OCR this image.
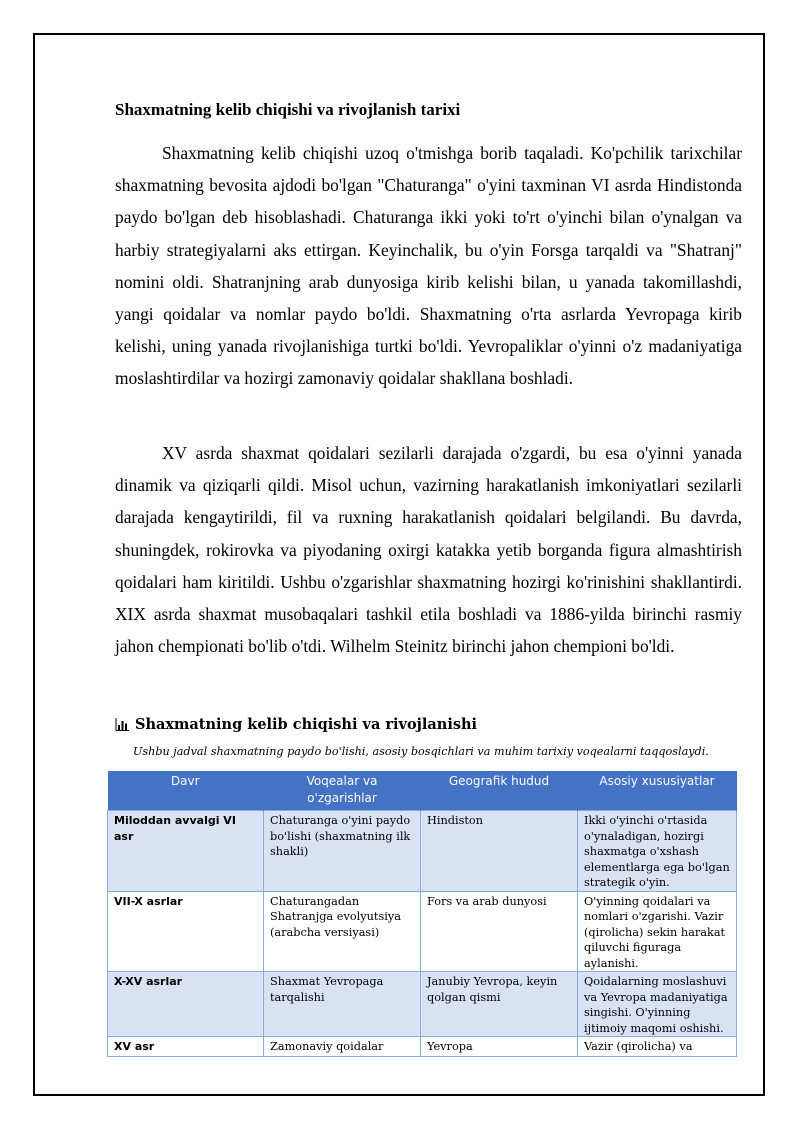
Shaxmatning kelib chiqishi va rivojlanish tarixi

Shaxmatning kelib chiqishi uzoq o'tmishga borib taqaladi. Ko'pchilik tarixchilar shaxmatning bevosita ajdodi bo'lgan "Chaturanga" o'yini taxminan VI asrda Hindistonda paydo bo'lgan deb hisoblashadi. Chaturanga ikki yoki to'rt o'yinchi bilan o'ynalgan va harbiy strategiyalarni aks ettirgan. Keyinchalik, bu o'yin Forsga tarqaldi va "Shatranj" nomini oldi. Shatranjning arab dunyosiga kirib kelishi bilan, u yanada takomillashdi, yangi qoidalar va nomlar paydo bo'ldi. Shaxmatning o'rta asrlarda Yevropaga kirib kelishi, uning yanada rivojlanishiga turtki bo'ldi. Yevropaliklar o'yinni o'z madaniyatiga moslashtirdilar va hozirgi zamonaviy qoidalar shakllana boshladi.

XV asrda shaxmat qoidalari sezilarli darajada o'zgardi, bu esa o'yinni yanada dinamik va qiziqarli qildi. Misol uchun, vazirning harakatlanish imkoniyatlari sezilarli darajada kengaytirildi, fil va ruxning harakatlanish qoidalari belgilandi. Bu davrda, shuningdek, rokirovka va piyodaning oxirgi katakka yetib borganda figura almashtirish qoidalari ham kiritildi. Ushbu o'zgarishlar shaxmatning hozirgi ko'rinishini shakllantirdi. XIX asrda shaxmat musobaqalari tashkil etila boshladi va 1886-yilda birinchi rasmiy jahon chempionati bo'lib o'tdi. Wilhelm Steinitz birinchi jahon chempioni bo'ldi.

Shaxmatning kelib chiqishi va rivojlanishi
Ushbu jadval shaxmatning paydo bo'lishi, asosiy bosqichlari va muhim tarixiy voqealarni taqqoslaydi.
Davr	Voqealar va o'zgarishlar	Geografik hudud	Asosiy xususiyatlar
Miloddan avvalgi VI asr	Chaturanga o'yini paydo bo'lishi (shaxmatning ilk shakli)	Hindiston	Ikki o'yinchi o'rtasida o'ynaladigan, hozirgi shaxmatga o'xshash elementlarga ega bo'lgan strategik o'yin.
VII-X asrlar	Chaturangadan Shatranjga evolyutsiya (arabcha versiyasi)	Fors va arab dunyosi	O'yinning qoidalari va nomlari o'zgarishi. Vazir (qirolicha) sekin harakat qiluvchi figuraga aylanishi.
X-XV asrlar	Shaxmat Yevropaga tarqalishi	Janubiy Yevropa, keyin qolgan qismi	Qoidalarning moslashuvi va Yevropa madaniyatiga singishi. O'yinning ijtimoiy maqomi oshishi.
XV asr	Zamonaviy qoidalar	Yevropa	Vazir (qirolicha) va
